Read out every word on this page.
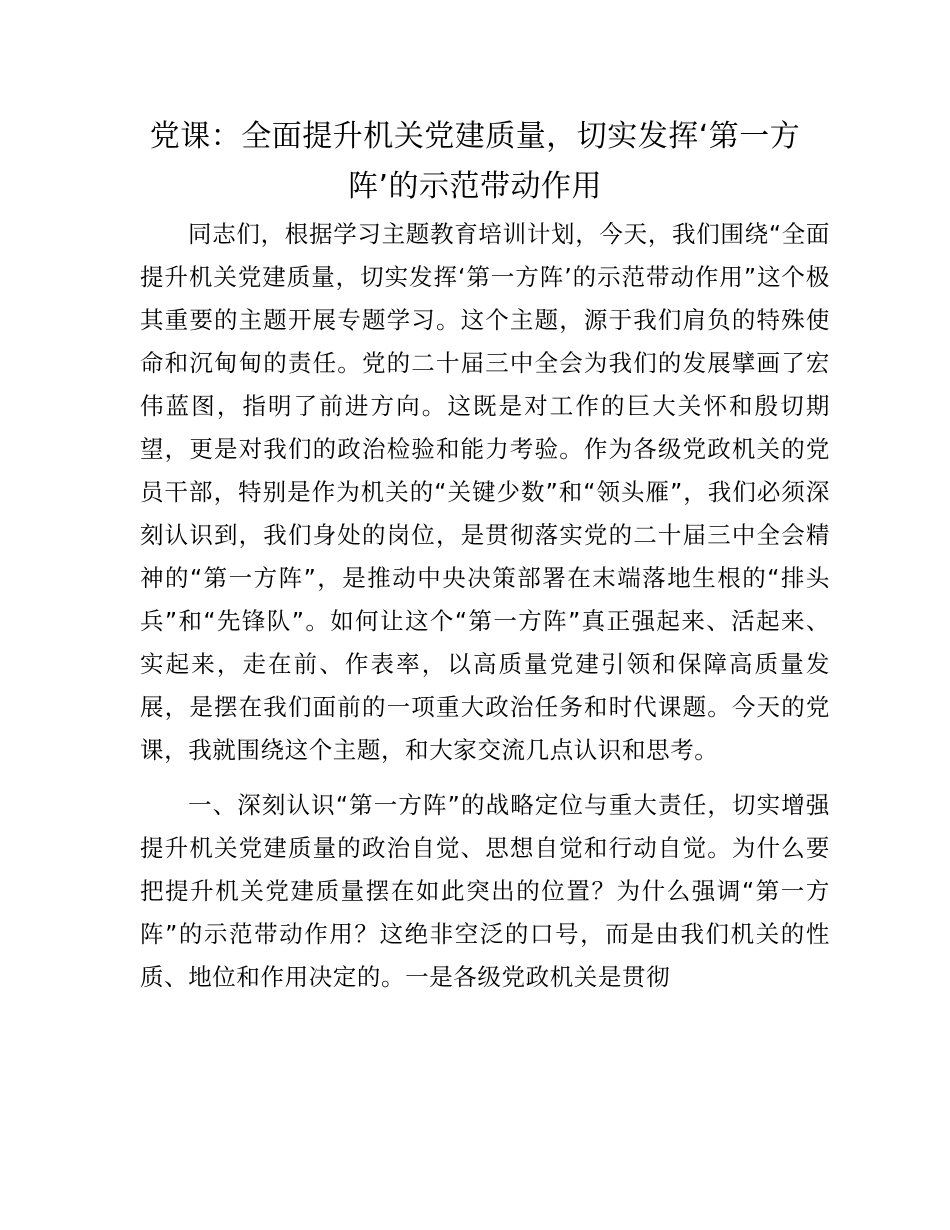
党课：全面提升机关党建质量，切实发挥‘第一方阵’的示范带动作用

同志们，根据学习主题教育培训计划，今天，我们围绕“全面提升机关党建质量，切实发挥‘第一方阵’的示范带动作用”这个极其重要的主题开展专题学习。这个主题，源于我们肩负的特殊使命和沉甸甸的责任。党的二十届三中全会为我们的发展擘画了宏伟蓝图，指明了前进方向。这既是对工作的巨大关怀和殷切期望，更是对我们的政治检验和能力考验。作为各级党政机关的党员干部，特别是作为机关的“关键少数”和“领头雁”，我们必须深刻认识到，我们身处的岗位，是贯彻落实党的二十届三中全会精神的“第一方阵”，是推动中央决策部署在末端落地生根的“排头兵”和“先锋队”。如何让这个“第一方阵”真正强起来、活起来、实起来，走在前、作表率，以高质量党建引领和保障高质量发展，是摆在我们面前的一项重大政治任务和时代课题。今天的党课，我就围绕这个主题，和大家交流几点认识和思考。

一、深刻认识“第一方阵”的战略定位与重大责任，切实增强提升机关党建质量的政治自觉、思想自觉和行动自觉。为什么要把提升机关党建质量摆在如此突出的位置？为什么强调“第一方阵”的示范带动作用？这绝非空泛的口号，而是由我们机关的性质、地位和作用决定的。一是各级党政机关是贯彻
